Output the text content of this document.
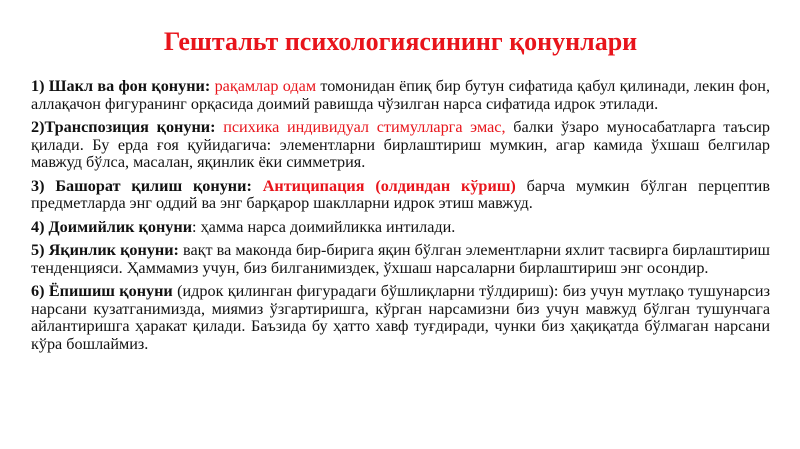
Гештальт психологиясининг қонунлари

1) Шакл ва фон қонуни: рақамлар одам томонидан ёпиқ бир бутун сифатида қабул қилинади, лекин фон, аллақачон фигуранинг орқасида доимий равишда чўзилган нарса сифатида идрок этилади.

2)Транспозиция қонуни: психика индивидуал стимулларга эмас, балки ўзаро муносабатларга таъсир қилади. Бу ерда ғоя қуйидагича: элементларни бирлаштириш мумкин, агар камида ўхшаш белгилар мавжуд бўлса, масалан, яқинлик ёки симметрия.

3) Башорат қилиш қонуни: Антиципация (олдиндан кўриш) барча мумкин бўлган перцептив предметларда энг оддий ва энг барқарор шаклларни идрок этиш мавжуд.

4) Доимийлик қонуни: ҳамма нарса доимийликка интилади.

5) Яқинлик қонуни: вақт ва маконда бир-бирига яқин бўлган элементларни яхлит тасвирга бирлаштириш тенденцияси. Ҳаммамиз учун, биз билганимиздек, ўхшаш нарсаларни бирлаштириш энг осондир.

6) Ёпишиш қонуни (идрок қилинган фигурадаги бўшлиқларни тўлдириш): биз учун мутлақо тушунарсиз нарсани кузатганимизда, миямиз ўзгартиришга, кўрган нарсамизни биз учун мавжуд бўлган тушунчага айлантиришга ҳаракат қилади. Баъзида бу ҳатто хавф туғдиради, чунки биз ҳақиқатда бўлмаган нарсани кўра бошлаймиз.
